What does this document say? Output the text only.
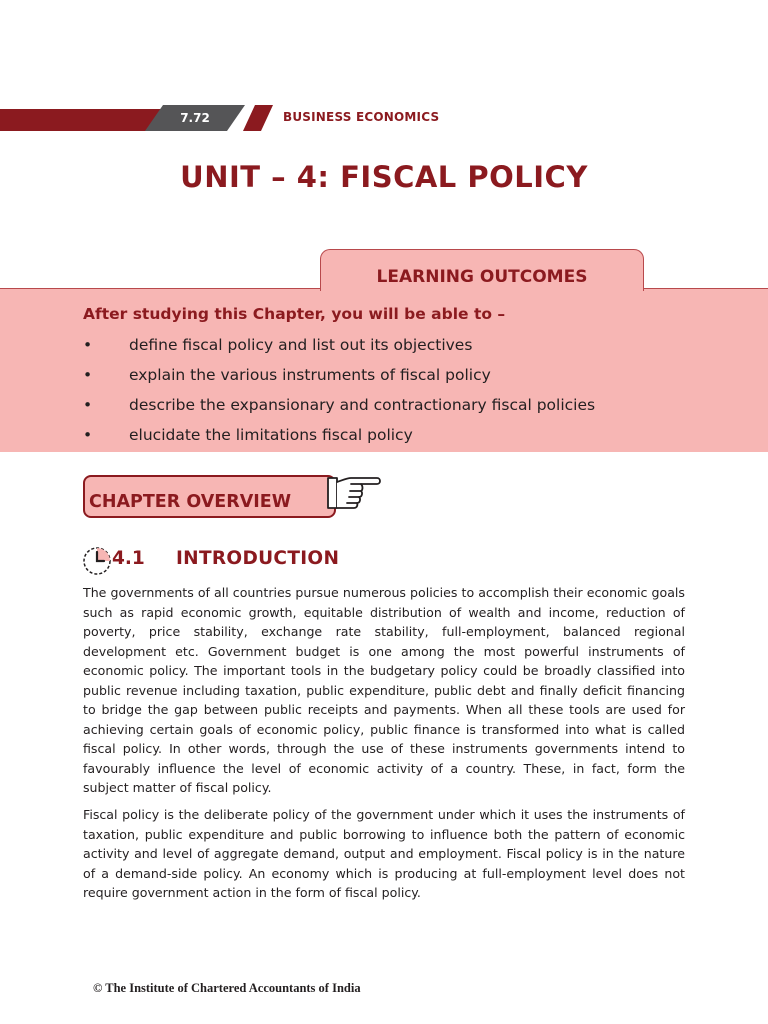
7.72	BUSINESS ECONOMICS
UNIT – 4: FISCAL POLICY
LEARNING OUTCOMES
After studying this Chapter, you will be able to –
•	define fiscal policy and list out its objectives
•	explain the various instruments of fiscal policy
•	describe the expansionary and contractionary fiscal policies
•	elucidate the limitations fiscal policy
CHAPTER OVERVIEW
4.1 INTRODUCTION

The governments of all countries pursue numerous policies to accomplish their economic goals such as rapid economic growth, equitable distribution of wealth and income, reduction of poverty, price stability, exchange rate stability, full-employment, balanced regional development etc. Government budget is one among the most powerful instruments of economic policy. The important tools in the budgetary policy could be broadly classified into public revenue including taxation, public expenditure, public debt and finally deficit financing to bridge the gap between public receipts and payments. When all these tools are used for achieving certain goals of economic policy, public finance is transformed into what is called fiscal policy. In other words, through the use of these instruments governments intend to favourably influence the level of economic activity of a country. These, in fact, form the subject matter of fiscal policy.

Fiscal policy is the deliberate policy of the government under which it uses the instruments of taxation, public expenditure and public borrowing to influence both the pattern of economic activity and level of aggregate demand, output and employment. Fiscal policy is in the nature of a demand-side policy. An economy which is producing at full-employment level does not require government action in the form of fiscal policy.

© The Institute of Chartered Accountants of India
